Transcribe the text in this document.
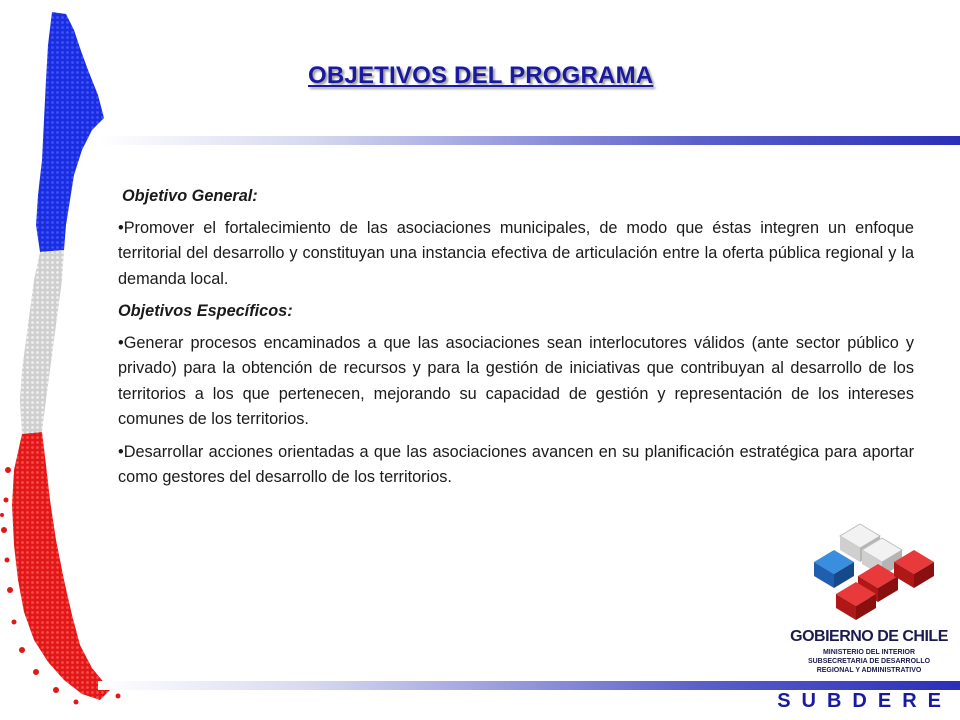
OBJETIVOS DEL PROGRAMA
Objetivo General:

•Promover el fortalecimiento de las asociaciones municipales, de modo que éstas integren un enfoque territorial del desarrollo y constituyan una instancia efectiva de articulación entre la oferta pública regional y la demanda local.

Objetivos Específicos:

•Generar procesos encaminados a que las asociaciones sean interlocutores válidos (ante sector público y privado) para la obtención de recursos y para la gestión de iniciativas que contribuyan al desarrollo de los territorios a los que pertenecen, mejorando su capacidad de gestión y representación de los intereses comunes de los territorios.

•Desarrollar acciones orientadas a que las asociaciones avancen en su planificación estratégica para aportar como gestores del desarrollo de los territorios.

GOBIERNO DE CHILE
MINISTERIO DEL INTERIOR
SUBSECRETARIA DE DESARROLLO
REGIONAL Y ADMINISTRATIVO
SUBDERE
